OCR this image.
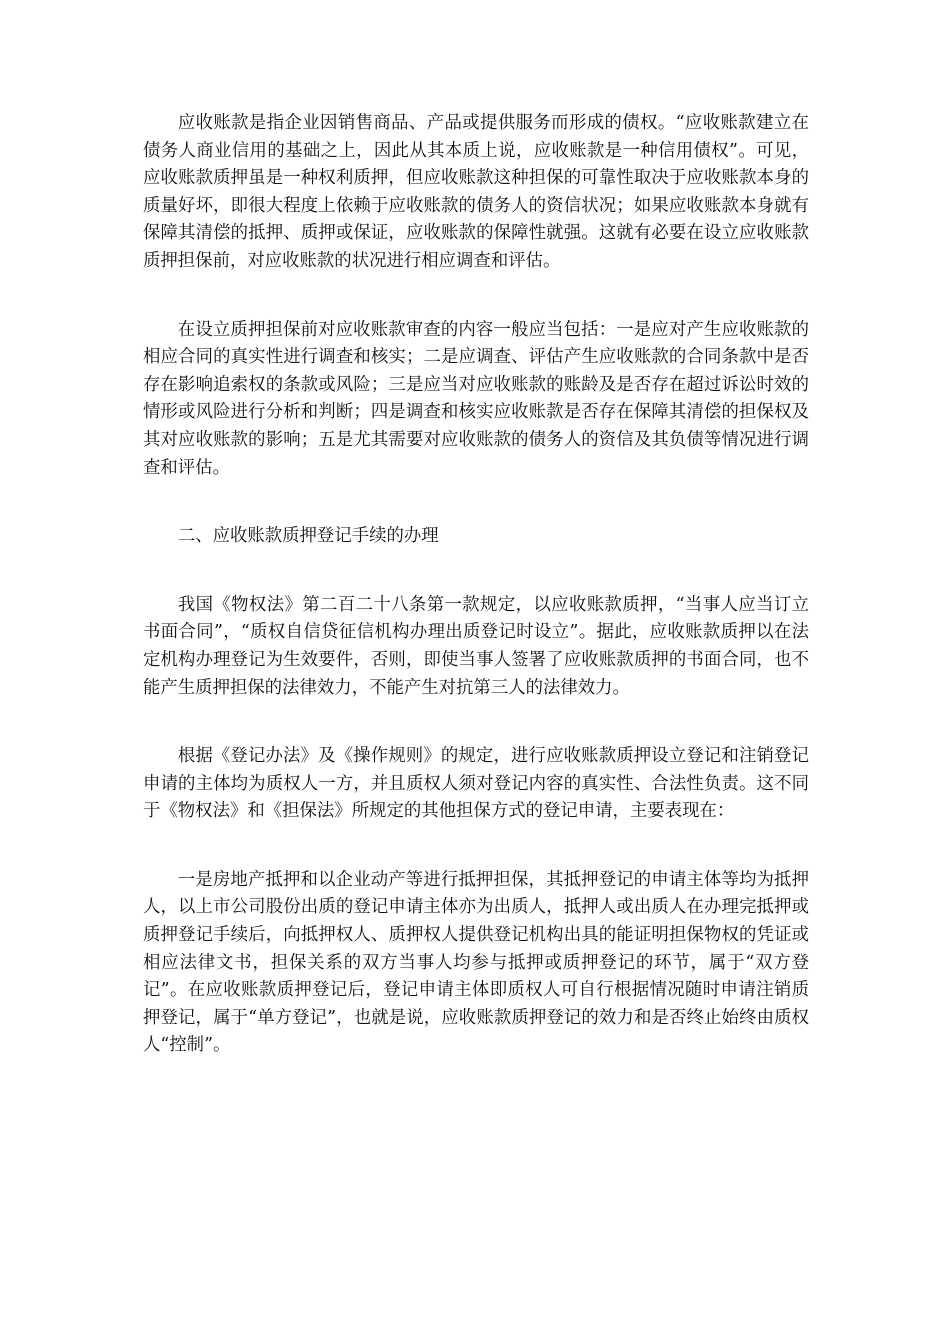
应收账款是指企业因销售商品、产品或提供服务而形成的债权。“应收账款建立在债务人商业信用的基础之上，因此从其本质上说，应收账款是一种信用债权”。可见，应收账款质押虽是一种权利质押，但应收账款这种担保的可靠性取决于应收账款本身的质量好坏，即很大程度上依赖于应收账款的债务人的资信状况；如果应收账款本身就有保障其清偿的抵押、质押或保证，应收账款的保障性就强。这就有必要在设立应收账款质押担保前，对应收账款的状况进行相应调查和评估。

在设立质押担保前对应收账款审查的内容一般应当包括：一是应对产生应收账款的相应合同的真实性进行调查和核实；二是应调查、评估产生应收账款的合同条款中是否存在影响追索权的条款或风险；三是应当对应收账款的账龄及是否存在超过诉讼时效的情形或风险进行分析和判断；四是调查和核实应收账款是否存在保障其清偿的担保权及其对应收账款的影响；五是尤其需要对应收账款的债务人的资信及其负债等情况进行调查和评估。

二、应收账款质押登记手续的办理

我国《物权法》第二百二十八条第一款规定，以应收账款质押，“当事人应当订立书面合同”，“质权自信贷征信机构办理出质登记时设立”。据此，应收账款质押以在法定机构办理登记为生效要件，否则，即使当事人签署了应收账款质押的书面合同，也不能产生质押担保的法律效力，不能产生对抗第三人的法律效力。

根据《登记办法》及《操作规则》的规定，进行应收账款质押设立登记和注销登记申请的主体均为质权人一方，并且质权人须对登记内容的真实性、合法性负责。这不同于《物权法》和《担保法》所规定的其他担保方式的登记申请，主要表现在：

一是房地产抵押和以企业动产等进行抵押担保，其抵押登记的申请主体等均为抵押人，以上市公司股份出质的登记申请主体亦为出质人，抵押人或出质人在办理完抵押或质押登记手续后，向抵押权人、质押权人提供登记机构出具的能证明担保物权的凭证或相应法律文书，担保关系的双方当事人均参与抵押或质押登记的环节，属于“双方登记”。在应收账款质押登记后，登记申请主体即质权人可自行根据情况随时申请注销质押登记，属于“单方登记”，也就是说，应收账款质押登记的效力和是否终止始终由质权人“控制”。
